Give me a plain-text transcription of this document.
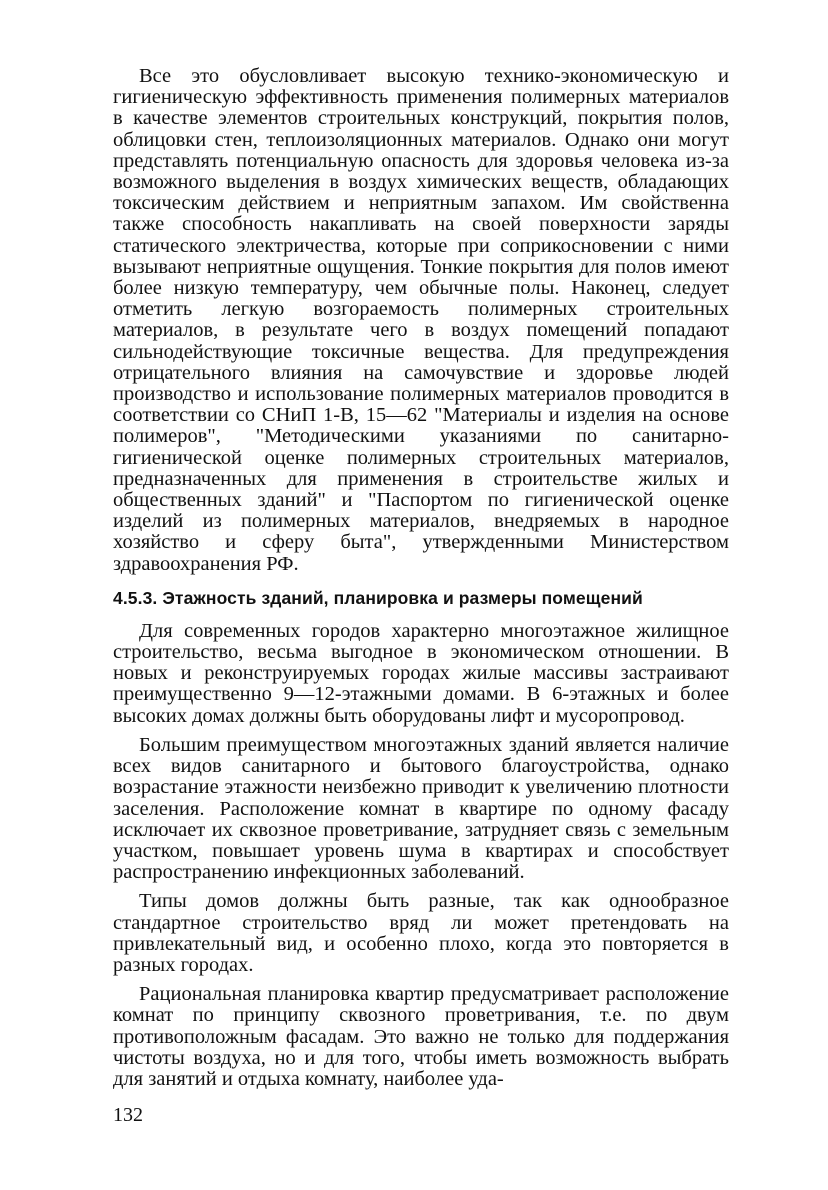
Все это обусловливает высокую технико-экономическую и гигиеническую эффективность применения полимерных материалов в качестве элементов строительных конструкций, покрытия полов, облицовки стен, теплоизоляционных материалов. Однако они могут представлять потенциальную опасность для здоровья человека из-за возможного выделения в воздух химических веществ, обладающих токсическим действием и неприятным запахом. Им свойственна также способность накапливать на своей поверхности заряды статического электричества, которые при соприкосновении с ними вызывают неприятные ощущения. Тонкие покрытия для полов имеют более низкую температуру, чем обычные полы. Наконец, следует отметить легкую возгораемость полимерных строительных материалов, в результате чего в воздух помещений попадают сильнодействующие токсичные вещества. Для предупреждения отрицательного влияния на самочувствие и здоровье людей производство и использование полимерных материалов проводится в соответствии со СНиП 1-В, 15—62 "Материалы и изделия на основе полимеров", "Методическими указаниями по санитарно-гигиенической оценке полимерных строительных материалов, предназначенных для применения в строительстве жилых и общественных зданий" и "Паспортом по гигиенической оценке изделий из полимерных материалов, внедряемых в народное хозяйство и сферу быта", утвержденными Министерством здравоохранения РФ.

4.5.3. Этажность зданий, планировка и размеры помещений

Для современных городов характерно многоэтажное жилищное строительство, весьма выгодное в экономическом отношении. В новых и реконструируемых городах жилые массивы застраивают преимущественно 9—12-этажными домами. В 6-этажных и более высоких домах должны быть оборудованы лифт и мусоропровод.

Большим преимуществом многоэтажных зданий является наличие всех видов санитарного и бытового благоустройства, однако возрастание этажности неизбежно приводит к увеличению плотности заселения. Расположение комнат в квартире по одному фасаду исключает их сквозное проветривание, затрудняет связь с земельным участком, повышает уровень шума в квартирах и способствует распространению инфекционных заболеваний.

Типы домов должны быть разные, так как однообразное стандартное строительство вряд ли может претендовать на привлекательный вид, и особенно плохо, когда это повторяется в разных городах.

Рациональная планировка квартир предусматривает расположение комнат по принципу сквозного проветривания, т.е. по двум противоположным фасадам. Это важно не только для поддержания чистоты воздуха, но и для того, чтобы иметь возможность выбрать для занятий и отдыха комнату, наиболее уда-

132
